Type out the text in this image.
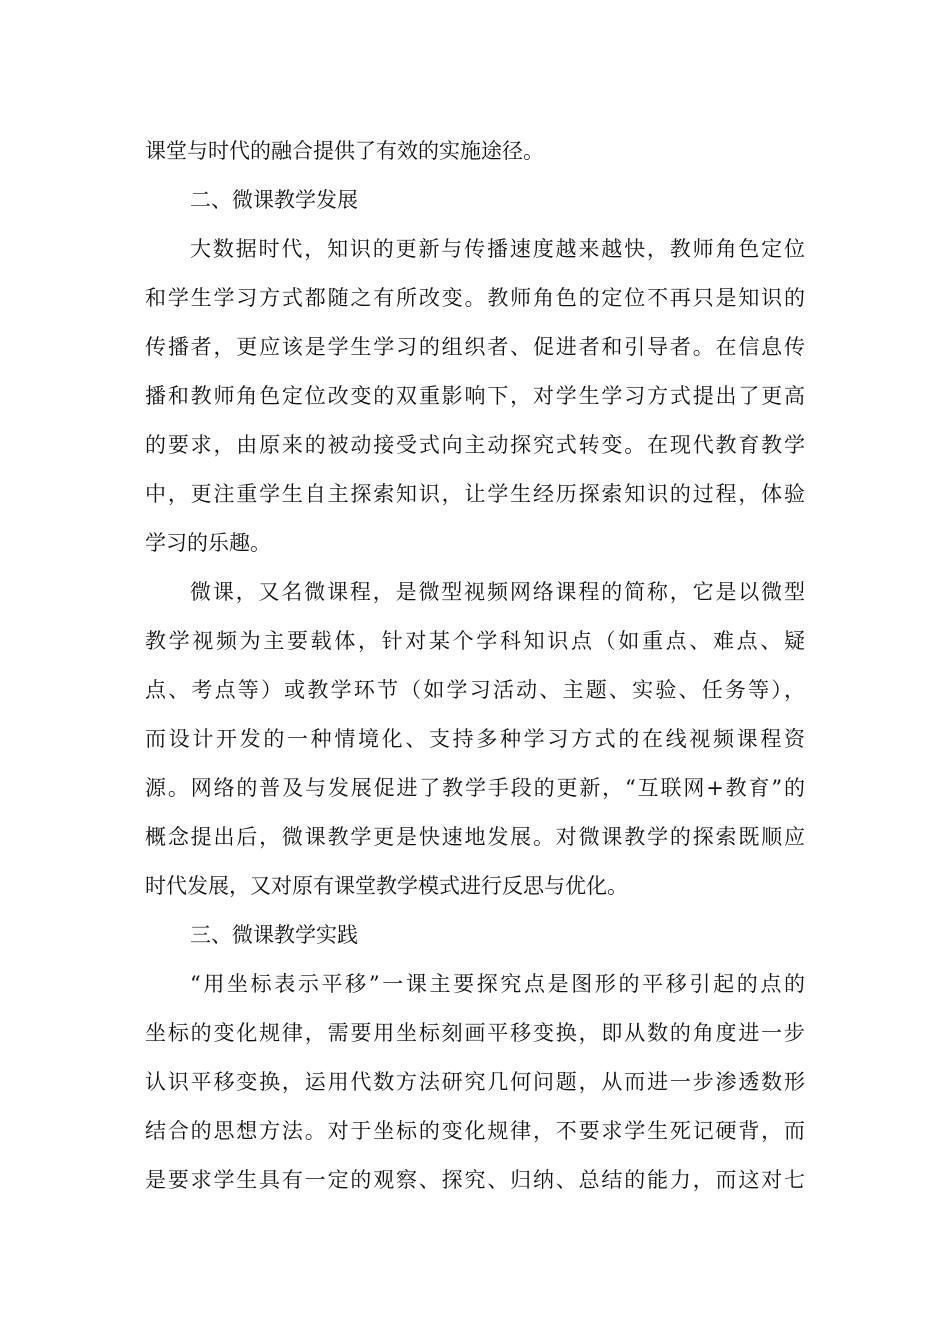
课堂与时代的融合提供了有效的实施途径。
二、微课教学发展
大数据时代，知识的更新与传播速度越来越快，教师角色定位
和学生学习方式都随之有所改变。教师角色的定位不再只是知识的
传播者，更应该是学生学习的组织者、促进者和引导者。在信息传
播和教师角色定位改变的双重影响下，对学生学习方式提出了更高
的要求，由原来的被动接受式向主动探究式转变。在现代教育教学
中，更注重学生自主探索知识，让学生经历探索知识的过程，体验
学习的乐趣。
微课，又名微课程，是微型视频网络课程的简称，它是以微型
教学视频为主要载体，针对某个学科知识点（如重点、难点、疑
点、考点等）或教学环节（如学习活动、主题、实验、任务等），
而设计开发的一种情境化、支持多种学习方式的在线视频课程资
源。网络的普及与发展促进了教学手段的更新，“互联网+教育”的
概念提出后，微课教学更是快速地发展。对微课教学的探索既顺应
时代发展，又对原有课堂教学模式进行反思与优化。
三、微课教学实践
“用坐标表示平移”一课主要探究点是图形的平移引起的点的
坐标的变化规律，需要用坐标刻画平移变换，即从数的角度进一步
认识平移变换，运用代数方法研究几何问题，从而进一步渗透数形
结合的思想方法。对于坐标的变化规律，不要求学生死记硬背，而
是要求学生具有一定的观察、探究、归纳、总结的能力，而这对七
